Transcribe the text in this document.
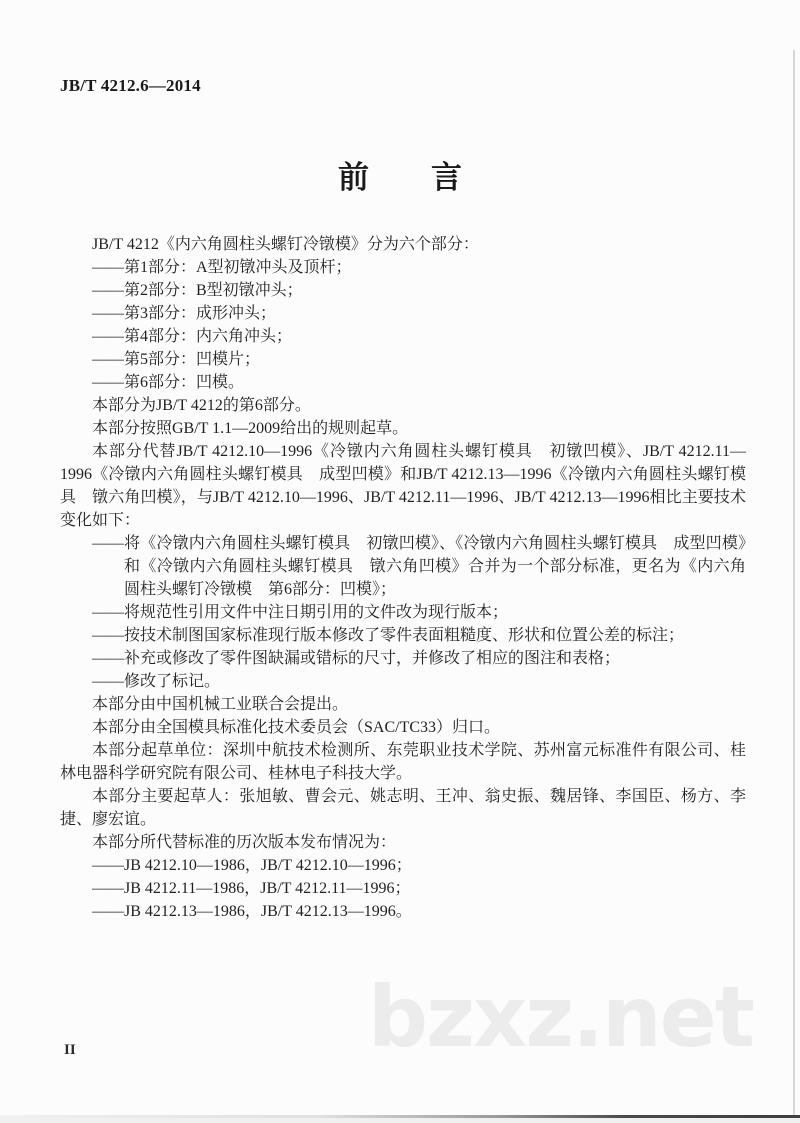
JB/T 4212.6—2014
前　　言

JB/T 4212《内六角圆柱头螺钉冷镦模》分为六个部分：

——第1部分：A型初镦冲头及顶杆；

——第2部分：B型初镦冲头；

——第3部分：成形冲头；

——第4部分：内六角冲头；

——第5部分：凹模片；

——第6部分：凹模。

本部分为JB/T 4212的第6部分。

本部分按照GB/T 1.1—2009给出的规则起草。

本部分代替JB/T 4212.10—1996《冷镦内六角圆柱头螺钉模具　初镦凹模》、JB/T 4212.11—1996《冷镦内六角圆柱头螺钉模具　成型凹模》和JB/T 4212.13—1996《冷镦内六角圆柱头螺钉模具　镦六角凹模》，与JB/T 4212.10—1996、JB/T 4212.11—1996、JB/T 4212.13—1996相比主要技术变化如下：

——将《冷镦内六角圆柱头螺钉模具　初镦凹模》、《冷镦内六角圆柱头螺钉模具　成型凹模》和《冷镦内六角圆柱头螺钉模具　镦六角凹模》合并为一个部分标准，更名为《内六角圆柱头螺钉冷镦模　第6部分：凹模》；

——将规范性引用文件中注日期引用的文件改为现行版本；

——按技术制图国家标准现行版本修改了零件表面粗糙度、形状和位置公差的标注；

——补充或修改了零件图缺漏或错标的尺寸，并修改了相应的图注和表格；

——修改了标记。

本部分由中国机械工业联合会提出。

本部分由全国模具标准化技术委员会（SAC/TC33）归口。

本部分起草单位：深圳中航技术检测所、东莞职业技术学院、苏州富元标准件有限公司、桂林电器科学研究院有限公司、桂林电子科技大学。

本部分主要起草人：张旭敏、曹会元、姚志明、王冲、翁史振、魏居锋、李国臣、杨方、李捷、廖宏谊。

本部分所代替标准的历次版本发布情况为：

——JB 4212.10—1986，JB/T 4212.10—1996；

——JB 4212.11—1986，JB/T 4212.11—1996；

——JB 4212.13—1986，JB/T 4212.13—1996。

bzxz.net
II
